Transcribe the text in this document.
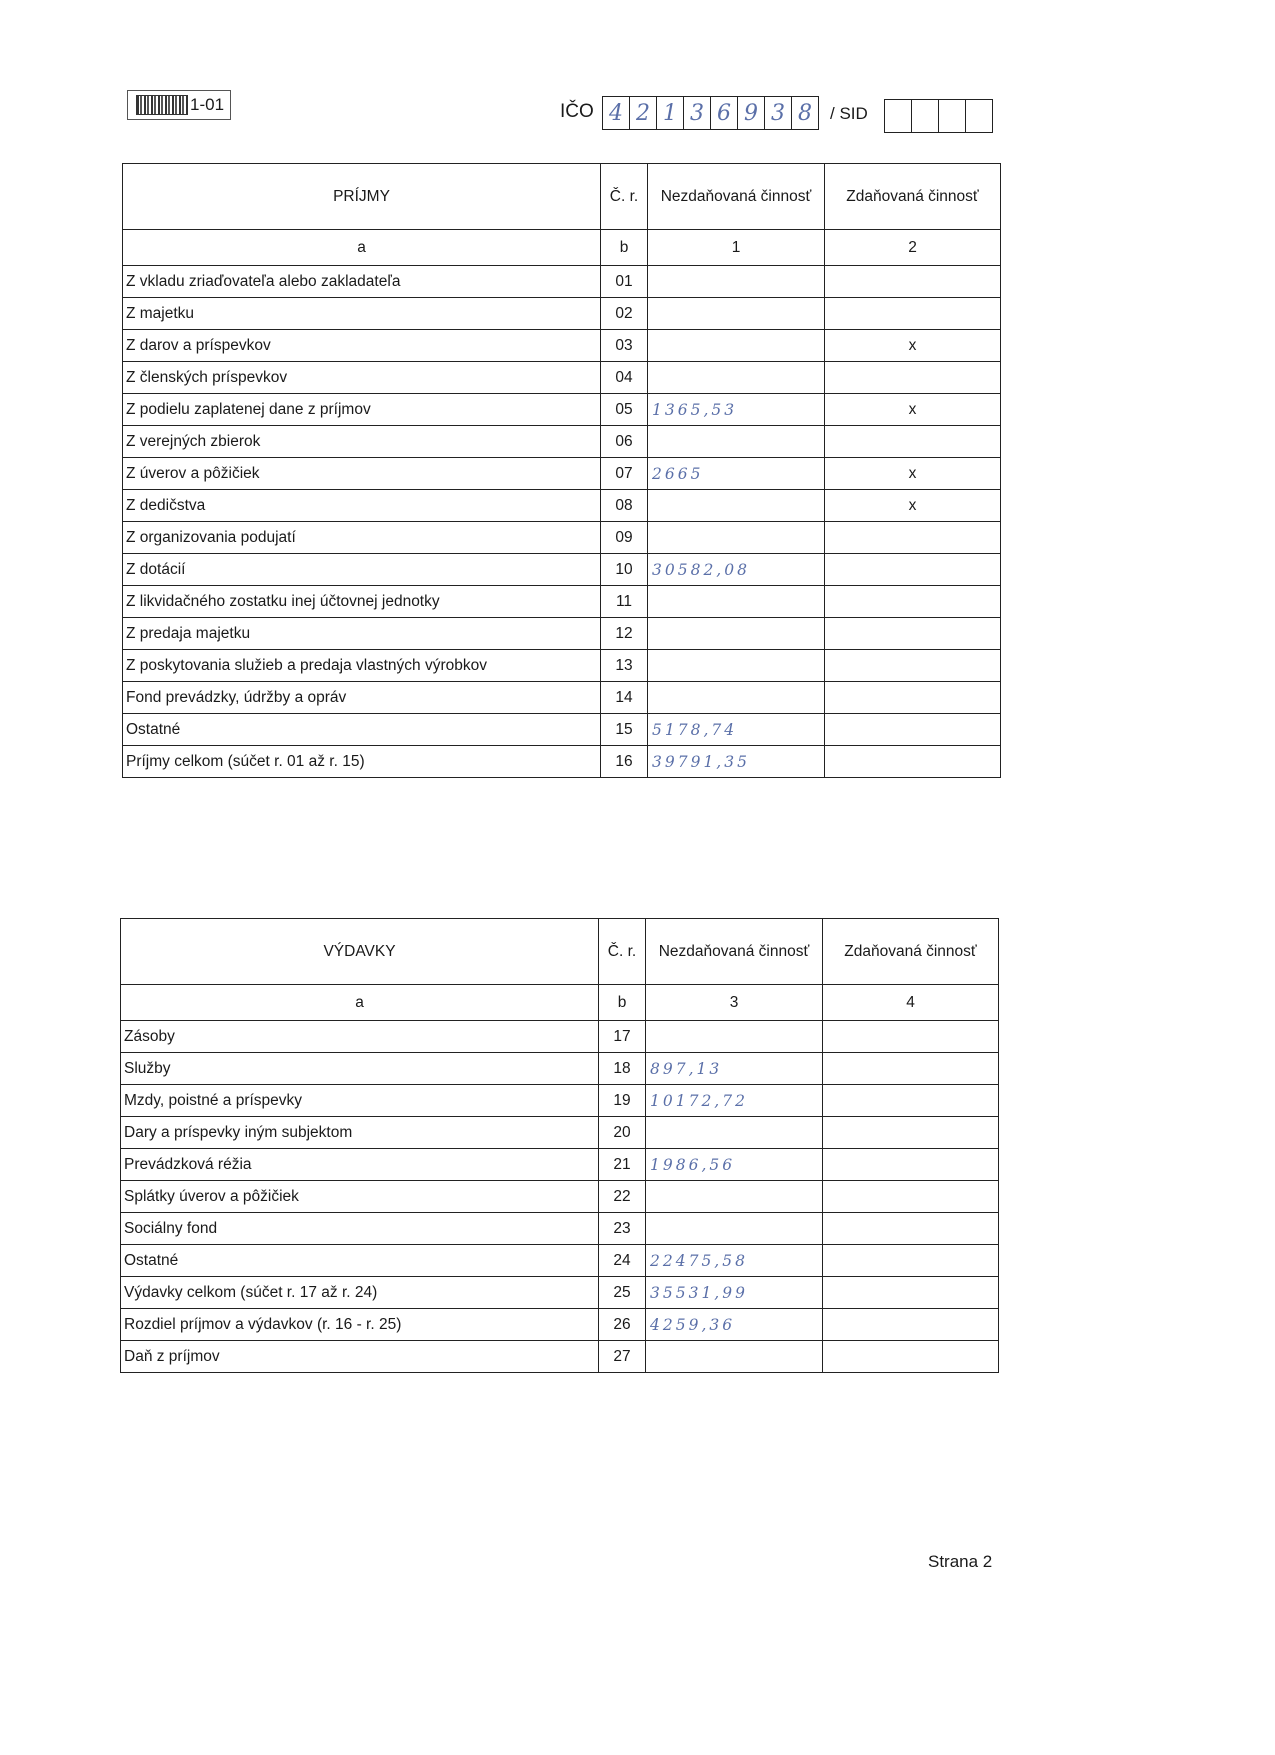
1-01	IČO 4 2 1 3 6 9 3 8	/ SID
PRÍJMY	Č. r.	Nezdaňovaná činnosť	Zdaňovaná činnosť
a	b	1	2
Z vkladu zriaďovateľa alebo zakladateľa	01		
Z majetku	02		
Z darov a príspevkov	03		x
Z členských príspevkov	04		
Z podielu zaplatenej dane z príjmov	05	1365,53	x
Z verejných zbierok	06		
Z úverov a pôžičiek	07	2665	x
Z dedičstva	08		x
Z organizovania podujatí	09		
Z dotácií	10	30582,08	
Z likvidačného zostatku inej účtovnej jednotky	11		
Z predaja majetku	12		
Z poskytovania služieb a predaja vlastných výrobkov	13		
Fond prevádzky, údržby a opráv	14		
Ostatné	15	5178,74	
Príjmy celkom (súčet r. 01 až r. 15)	16	39791,35	
VÝDAVKY	Č. r.	Nezdaňovaná činnosť	Zdaňovaná činnosť
a	b	3	4
Zásoby	17		
Služby	18	897,13	
Mzdy, poistné a príspevky	19	10172,72	
Dary a príspevky iným subjektom	20		
Prevádzková réžia	21	1986,56	
Splátky úverov a pôžičiek	22		
Sociálny fond	23		
Ostatné	24	22475,58	
Výdavky celkom (súčet r. 17 až r. 24)	25	35531,99	
Rozdiel príjmov a výdavkov (r. 16 - r. 25)	26	4259,36	
Daň z príjmov	27		
Strana 2
